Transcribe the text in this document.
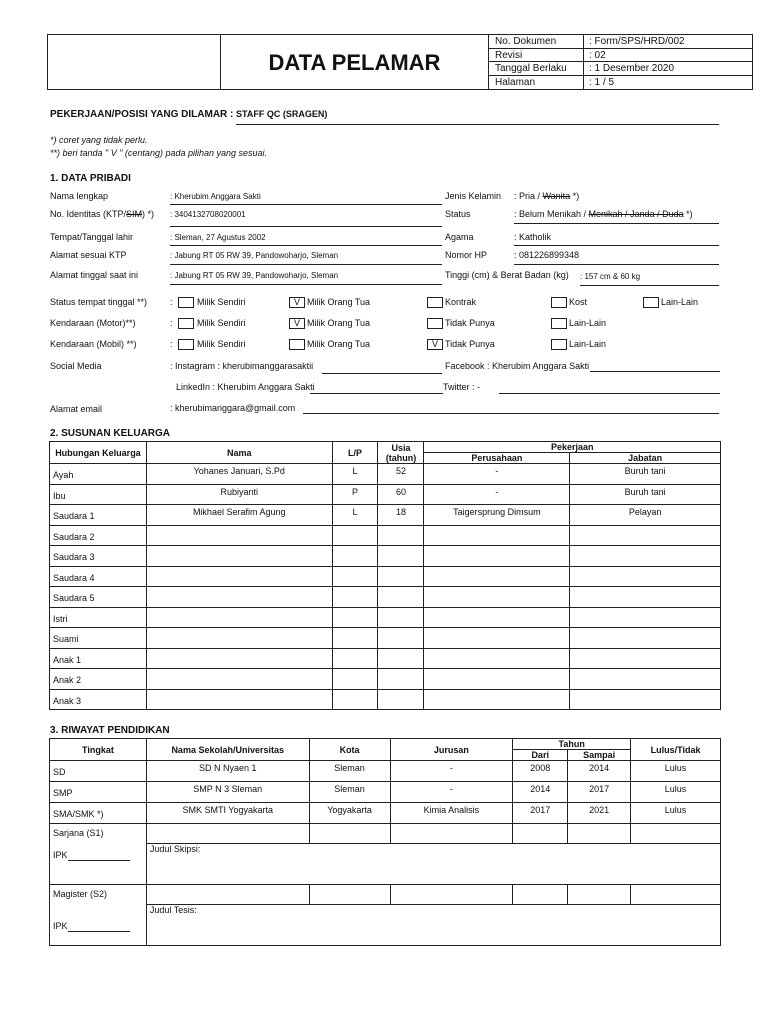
DATA PELAMAR
No. Dokumen	: Form/SPS/HRD/002
Revisi	: 02
Tanggal Berlaku : 1 Desember 2020
Halaman	: 1 / 5
PEKERJAAN/POSISI YANG DILAMAR : STAFF QC (SRAGEN)
*) coret yang tidak perlu.
**) beri tanda " V " (centang) pada pilihan yang sesuai.
1. DATA PRIBADI
Nama lengkap	: Kherubim Anggara Sakti
No. Identitas (KTP/SIM) *) : 3404132708020001
Tempat/Tanggal lahir	: Sleman, 27 Agustus 2002
Alamat sesuai KTP	: Jabung RT 05 RW 39, Pandowoharjo, Sleman
Alamat tinggal saat ini	: Jabung RT 05 RW 39, Pandowoharjo, Sleman
Jenis Kelamin : Pria / Wanita *)
Status	: Belum Menikah / Menikah / Janda / Duda *)
Agama	: Katholik
Nomor HP	: 081226899348
Tinggi (cm) & Berat Badan (kg) : 157 cm & 60 kg
Status tempat tinggal **)	:	Milik Sendiri	V Milik Orang Tua	Kontrak	Kost	Lain-Lain
Kendaraan (Motor)**)	:	Milik Sendiri	V Milik Orang Tua	Tidak Punya	Lain-Lain
Kendaraan (Mobil) **)	:	Milik Sendiri	Milik Orang Tua	V Tidak Punya	Lain-Lain
Social Media	: Instagram : kherubimanggarasaktii	Facebook : Kherubim Anggara Sakti
LinkedIn : Kherubim Anggara Sakti	Twitter : -
Alamat email	: kherubimanggara@gmail.com
2. SUSUNAN KELUARGA
Hubungan Keluarga	Nama	L/P	Usia (tahun)	Pekerjaan	
				Perusahaan	Jabatan
Ayah	Yohanes Januari, S.Pd	L	52	-	Buruh tani
Ibu	Rubiyanti	P	60	-	Buruh tani
Saudara 1	Mikhael Serafim Agung	L	18	Taigersprung Dimsum	Pelayan
Saudara 2					
Saudara 3					
Saudara 4					
Saudara 5					
Istri					
Suami					
Anak 1					
Anak 2					
Anak 3					
3. RIWAYAT PENDIDIKAN
Tingkat	Nama Sekolah/Universitas	Kota	Jurusan	Tahun		Lulus/Tidak
				Dari	Sampai	
SD	SD N Nyaen 1	Sleman	-	2008	2014	Lulus
SMP	SMP N 3 Sleman	Sleman	-	2014	2017	Lulus
SMA/SMK *)	SMK SMTI Yogyakarta	Yogyakarta	Kimia Analisis	2017	2021	Lulus
Sarjana (S1)
IPK						

	Judul Skipsi:					
Magister (S2)
IPK						

	Judul Tesis:					
